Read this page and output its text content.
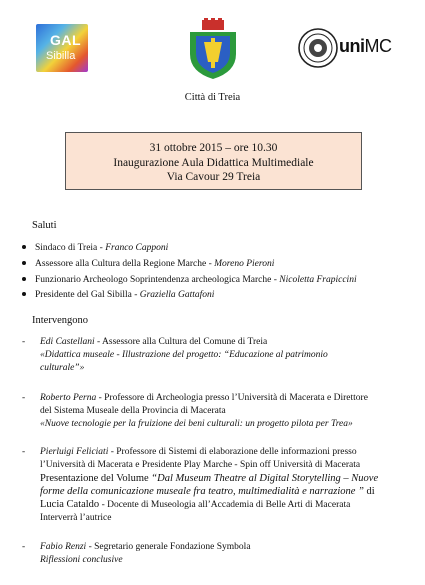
GAL
Sibilla	uniMC
Città di Treia
31 ottobre 2015 – ore 10.30
Inaugurazione Aula Didattica Multimediale
Via Cavour 29 Treia
Saluti
Sindaco di Treia - Franco Capponi
Assessore alla Cultura della Regione Marche - Moreno Pieroni
Funzionario Archeologo Soprintendenza archeologica Marche - Nicoletta Frapiccini
Presidente del Gal Sibilla - Graziella Gattafoni
Intervengono
- Edi Castellani - Assessore alla Cultura del Comune di Treia
«Didattica museale - Illustrazione del progetto: “Educazione al patrimonio
culturale”»
- Roberto Perna - Professore di Archeologia presso l’Università di Macerata e Direttore
del Sistema Museale della Provincia di Macerata
«Nuove tecnologie per la fruizione dei beni culturali: un progetto pilota per Trea»
- Pierluigi Feliciati - Professore di Sistemi di elaborazione delle informazioni presso
l’Università di Macerata e Presidente Play Marche - Spin off Università di Macerata
Presentazione del Volume “Dal Museum Theatre al Digital Storytelling – Nuove
forme della comunicazione museale fra teatro, multimedialità e narrazione ” di
Lucia Cataldo - Docente di Museologia all’Accademia di Belle Arti di Macerata
Interverrà l’autrice
- Fabio Renzi - Segretario generale Fondazione Symbola
Riflessioni conclusive
